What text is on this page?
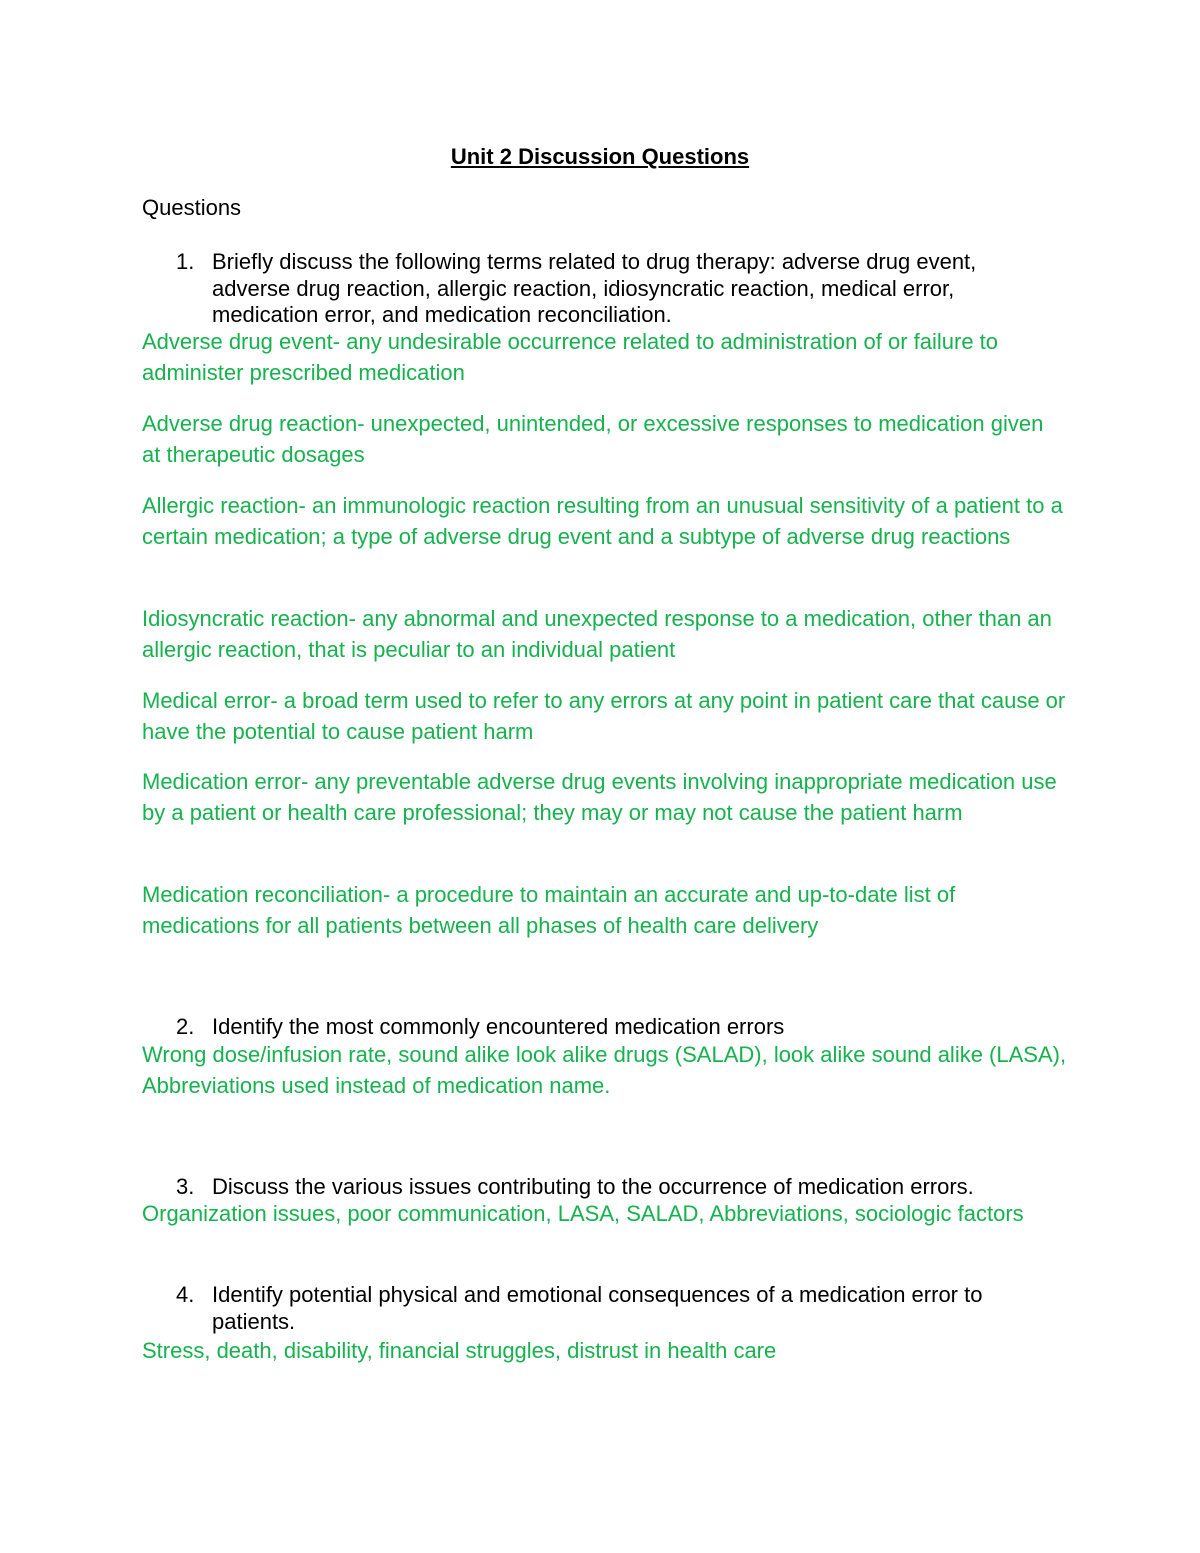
Unit 2 Discussion Questions
Questions
1. Briefly discuss the following terms related to drug therapy: adverse drug event, adverse drug reaction, allergic reaction, idiosyncratic reaction, medical error, medication error, and medication reconciliation.
Adverse drug event- any undesirable occurrence related to administration of or failure to administer prescribed medication
Adverse drug reaction- unexpected, unintended, or excessive responses to medication given at therapeutic dosages
Allergic reaction- an immunologic reaction resulting from an unusual sensitivity of a patient to a certain medication; a type of adverse drug event and a subtype of adverse drug reactions
Idiosyncratic reaction- any abnormal and unexpected response to a medication, other than an allergic reaction, that is peculiar to an individual patient
Medical error- a broad term used to refer to any errors at any point in patient care that cause or have the potential to cause patient harm
Medication error- any preventable adverse drug events involving inappropriate medication use by a patient or health care professional; they may or may not cause the patient harm
Medication reconciliation- a procedure to maintain an accurate and up-to-date list of medications for all patients between all phases of health care delivery
2. Identify the most commonly encountered medication errors
Wrong dose/infusion rate, sound alike look alike drugs (SALAD), look alike sound alike (LASA), Abbreviations used instead of medication name.
3. Discuss the various issues contributing to the occurrence of medication errors.
Organization issues, poor communication, LASA, SALAD, Abbreviations, sociologic factors
4. Identify potential physical and emotional consequences of a medication error to patients.
Stress, death, disability, financial struggles, distrust in health care
